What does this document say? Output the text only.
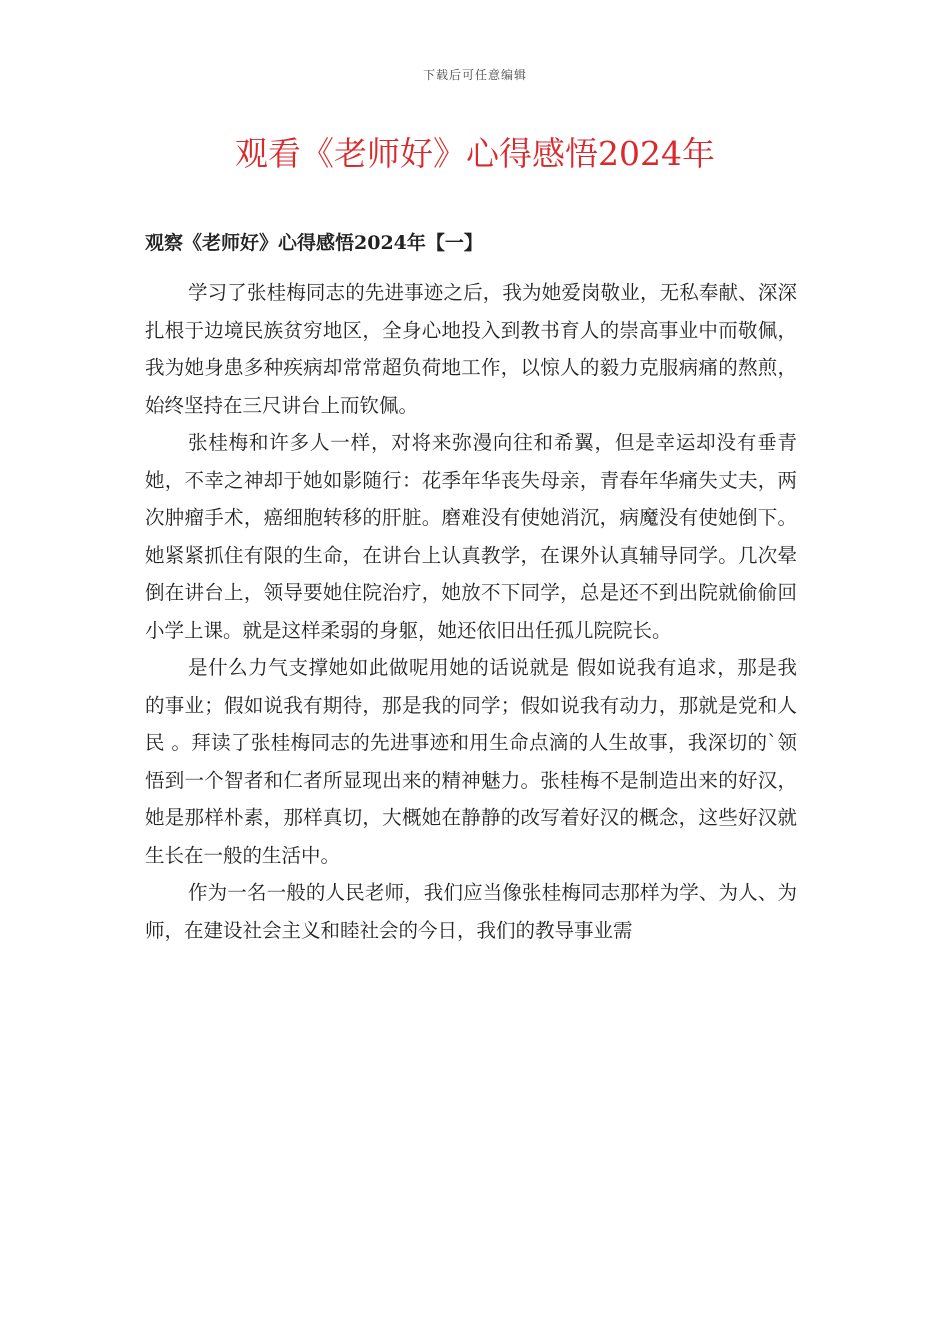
下载后可任意编辑
观看《老师好》心得感悟2024年
观察《老师好》心得感悟2024年【一】

学习了张桂梅同志的先进事迹之后，我为她爱岗敬业，无私奉献、深深扎根于边境民族贫穷地区，全身心地投入到教书育人的崇高事业中而敬佩，我为她身患多种疾病却常常超负荷地工作，以惊人的毅力克服病痛的熬煎，始终坚持在三尺讲台上而钦佩。

张桂梅和许多人一样，对将来弥漫向往和希翼，但是幸运却没有垂青她，不幸之神却于她如影随行：花季年华丧失母亲，青春年华痛失丈夫，两次肿瘤手术，癌细胞转移的肝脏。磨难没有使她消沉，病魔没有使她倒下。她紧紧抓住有限的生命，在讲台上认真教学，在课外认真辅导同学。几次晕倒在讲台上，领导要她住院治疗，她放不下同学，总是还不到出院就偷偷回小学上课。就是这样柔弱的身躯，她还依旧出任孤儿院院长。

是什么力气支撑她如此做呢用她的话说就是 假如说我有追求，那是我的事业；假如说我有期待，那是我的同学；假如说我有动力，那就是党和人民 。拜读了张桂梅同志的先进事迹和用生命点滴的人生故事，我深切的`领悟到一个智者和仁者所显现出来的精神魅力。张桂梅不是制造出来的好汉，她是那样朴素，那样真切，大概她在静静的改写着好汉的概念，这些好汉就生长在一般的生活中。

作为一名一般的人民老师，我们应当像张桂梅同志那样为学、为人、为师，在建设社会主义和睦社会的今日，我们的教导事业需
